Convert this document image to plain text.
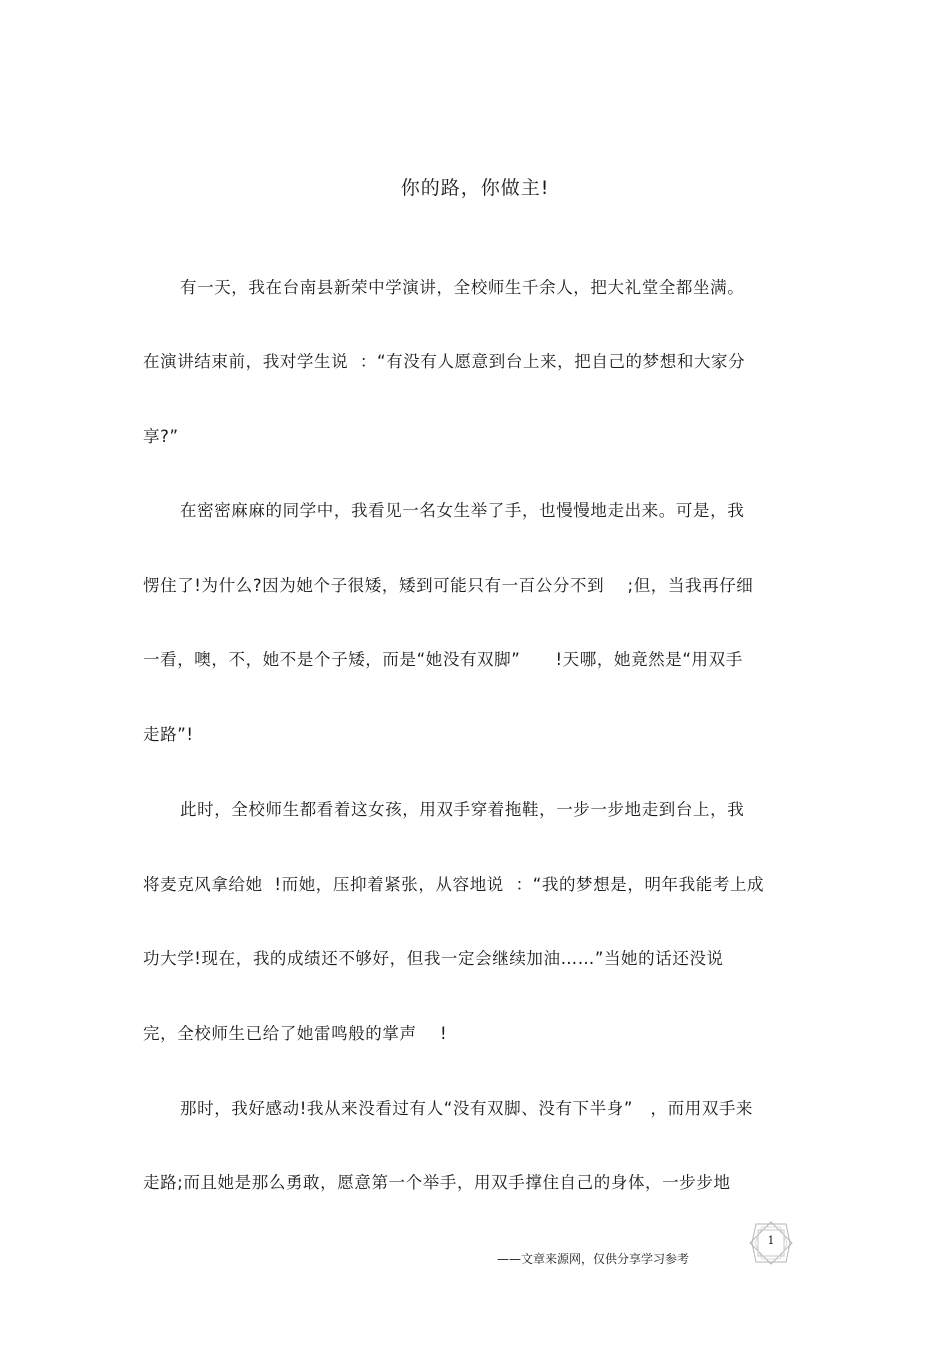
你的路，你做主!
有一天，我在台南县新荣中学演讲，全校师生千余人，把大礼堂全都坐满。
在演讲结束前，我对学生说  ：“有没有人愿意到台上来，把自己的梦想和大家分
享?”
在密密麻麻的同学中，我看见一名女生举了手，也慢慢地走出来。可是，我
愣住了!为什么?因为她个子很矮，矮到可能只有一百公分不到    ;但，当我再仔细
一看，噢，不，她不是个子矮，而是“她没有双脚”      !天哪，她竟然是“用双手
走路”!
此时，全校师生都看着这女孩，用双手穿着拖鞋，一步一步地走到台上，我
将麦克风拿给她  !而她，压抑着紧张，从容地说  ：“我的梦想是，明年我能考上成
功大学!现在，我的成绩还不够好，但我一定会继续加油……”当她的话还没说
完，全校师生已给了她雷鸣般的掌声    !
那时，我好感动!我从来没看过有人“没有双脚、没有下半身”   ，而用双手来
走路;而且她是那么勇敢，愿意第一个举手，用双手撑住自己的身体，一步步地
1
——文章来源网，仅供分享学习参考
